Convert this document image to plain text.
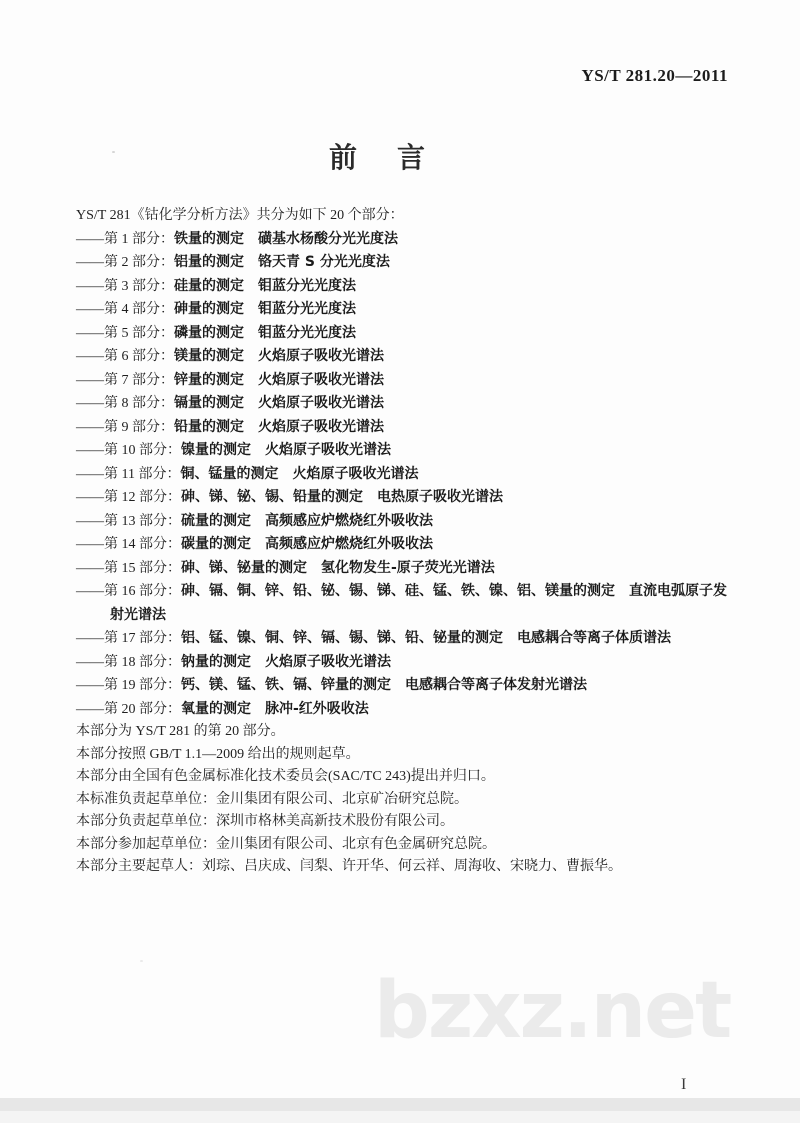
YS/T 281.20—2011
前　言

YS/T 281《钴化学分析方法》共分为如下 20 个部分：

——第 1 部分：铁量的测定　磺基水杨酸分光光度法

——第 2 部分：铝量的测定　铬天青 S 分光光度法

——第 3 部分：硅量的测定　钼蓝分光光度法

——第 4 部分：砷量的测定　钼蓝分光光度法

——第 5 部分：磷量的测定　钼蓝分光光度法

——第 6 部分：镁量的测定　火焰原子吸收光谱法

——第 7 部分：锌量的测定　火焰原子吸收光谱法

——第 8 部分：镉量的测定　火焰原子吸收光谱法

——第 9 部分：铅量的测定　火焰原子吸收光谱法

——第 10 部分：镍量的测定　火焰原子吸收光谱法

——第 11 部分：铜、锰量的测定　火焰原子吸收光谱法

——第 12 部分：砷、锑、铋、锡、铅量的测定　电热原子吸收光谱法

——第 13 部分：硫量的测定　高频感应炉燃烧红外吸收法

——第 14 部分：碳量的测定　高频感应炉燃烧红外吸收法

——第 15 部分：砷、锑、铋量的测定　氢化物发生-原子荧光光谱法

——第 16 部分：砷、镉、铜、锌、铅、铋、锡、锑、硅、锰、铁、镍、铝、镁量的测定　直流电弧原子发射光谱法

——第 17 部分：铝、锰、镍、铜、锌、镉、锡、锑、铅、铋量的测定　电感耦合等离子体质谱法

——第 18 部分：钠量的测定　火焰原子吸收光谱法

——第 19 部分：钙、镁、锰、铁、镉、锌量的测定　电感耦合等离子体发射光谱法

——第 20 部分：氧量的测定　脉冲-红外吸收法

本部分为 YS/T 281 的第 20 部分。

本部分按照 GB/T 1.1—2009 给出的规则起草。

本部分由全国有色金属标准化技术委员会(SAC/TC 243)提出并归口。

本标准负责起草单位：金川集团有限公司、北京矿冶研究总院。

本部分负责起草单位：深圳市格林美高新技术股份有限公司。

本部分参加起草单位：金川集团有限公司、北京有色金属研究总院。

本部分主要起草人：刘琮、吕庆成、闫梨、许开华、何云祥、周海收、宋晓力、曹振华。

bzxz.net
I
